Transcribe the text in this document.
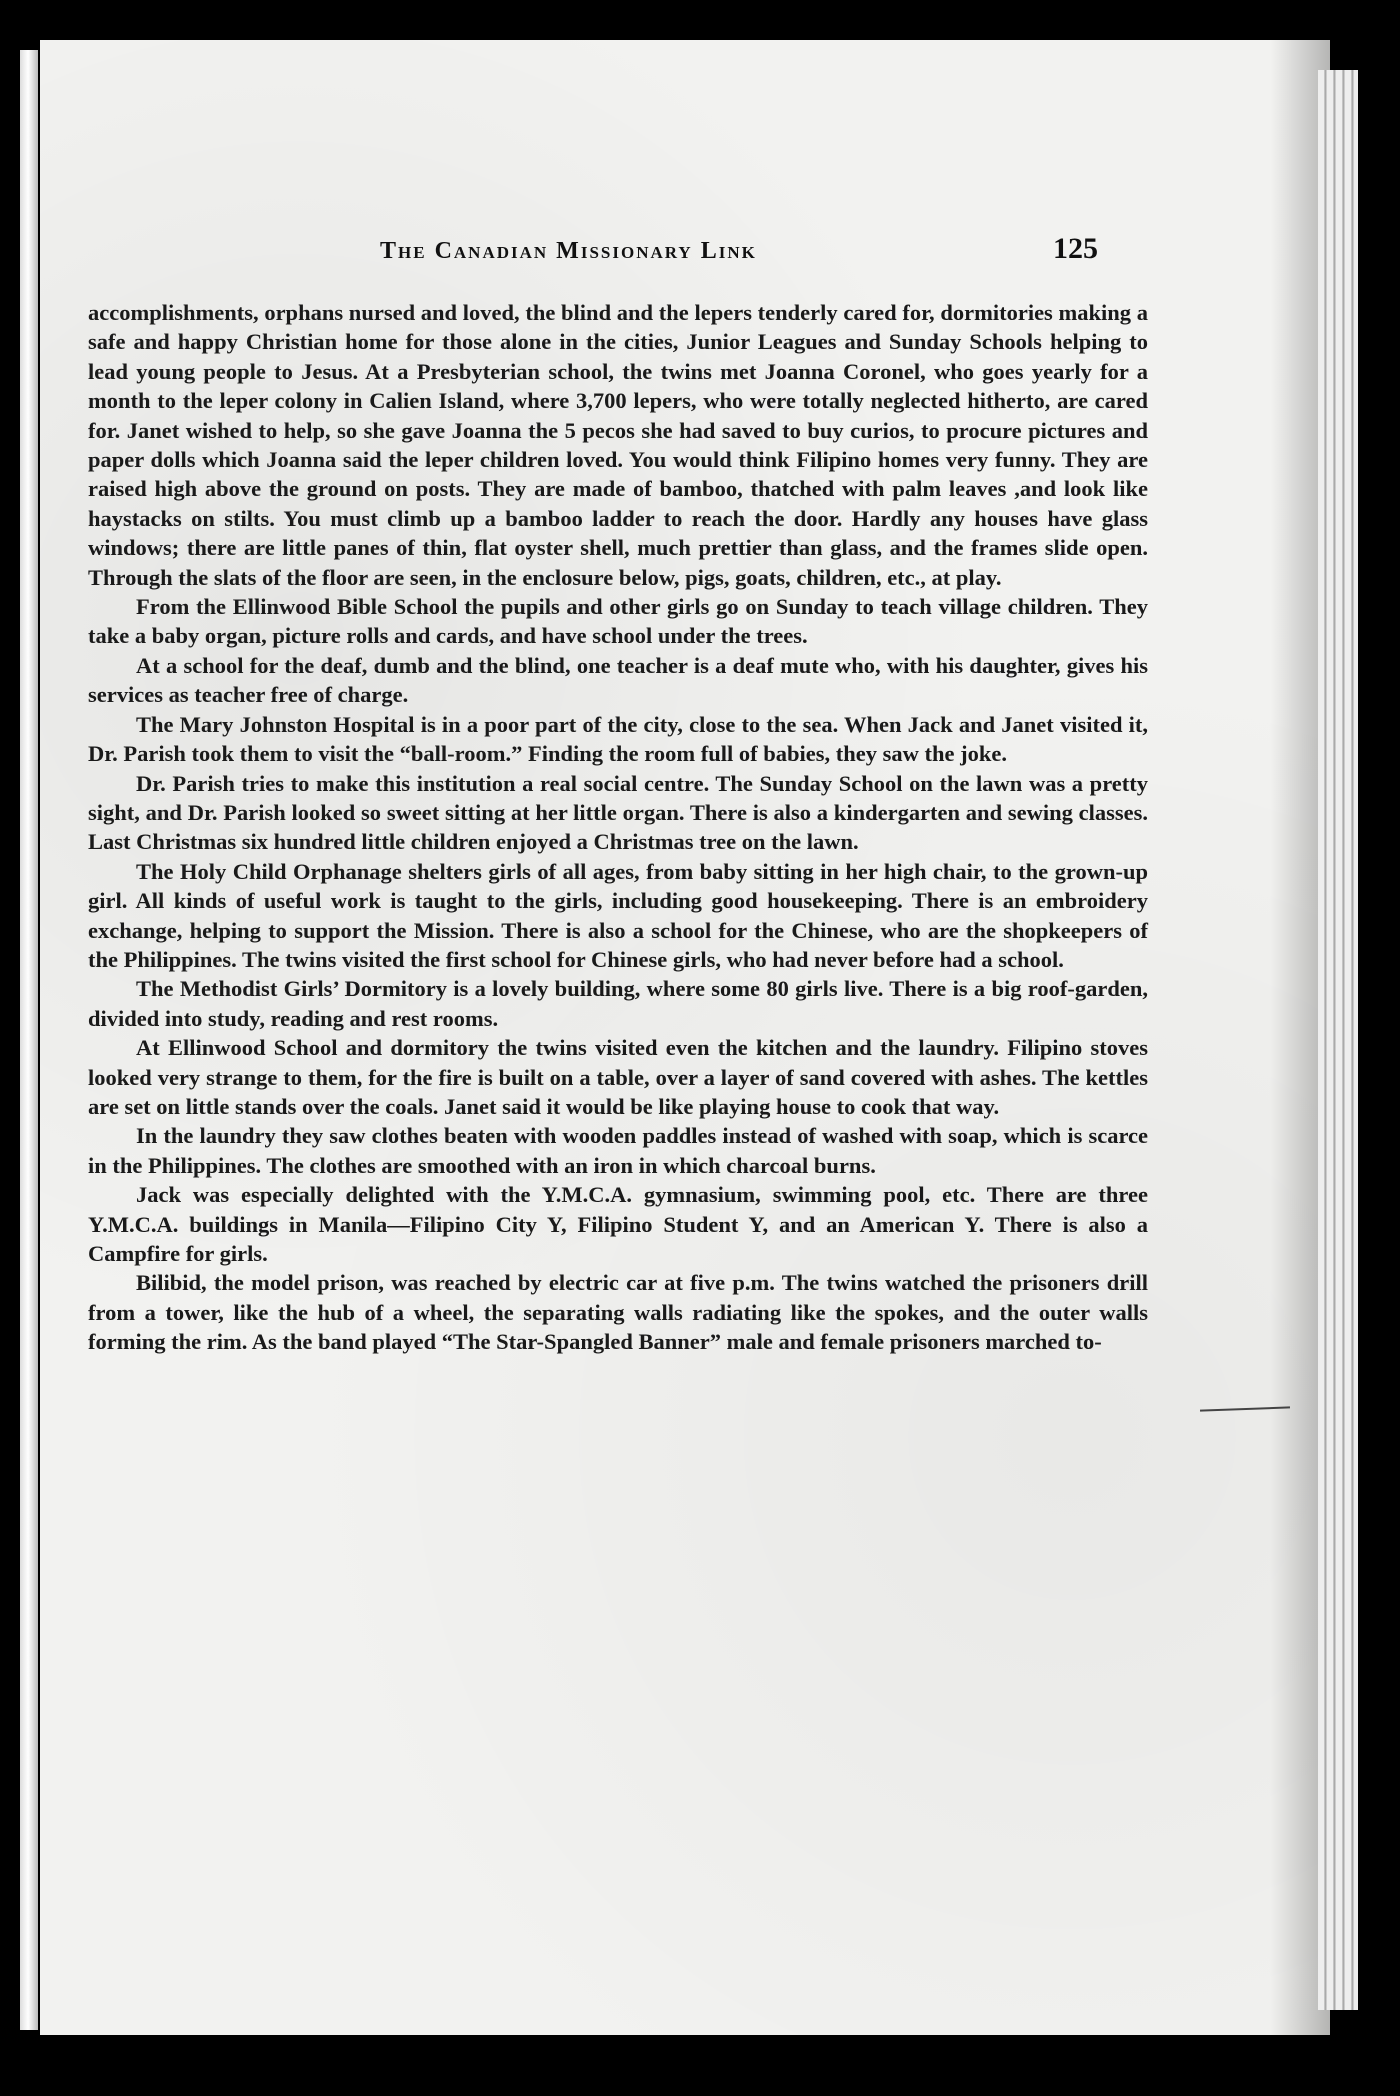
The Canadian Missionary Link	125

accomplishments, orphans nursed and loved, the blind and the lepers tenderly cared for, dormitories making a safe and happy Christian home for those alone in the cities, Junior Leagues and Sunday Schools helping to lead young people to Jesus. At a Presbyterian school, the twins met Joanna Coronel, who goes yearly for a month to the leper colony in Calien Island, where 3,700 lepers, who were totally neglected hitherto, are cared for. Janet wished to help, so she gave Joanna the 5 pecos she had saved to buy curios, to procure pictures and paper dolls which Joanna said the leper children loved. You would think Filipino homes very funny. They are raised high above the ground on posts. They are made of bamboo, thatched with palm leaves ,and look like haystacks on stilts. You must climb up a bamboo ladder to reach the door. Hardly any houses have glass windows; there are little panes of thin, flat oyster shell, much prettier than glass, and the frames slide open. Through the slats of the floor are seen, in the enclosure below, pigs, goats, children, etc., at play.

From the Ellinwood Bible School the pupils and other girls go on Sunday to teach village children. They take a baby organ, picture rolls and cards, and have school under the trees.

At a school for the deaf, dumb and the blind, one teacher is a deaf mute who, with his daughter, gives his services as teacher free of charge.

The Mary Johnston Hospital is in a poor part of the city, close to the sea. When Jack and Janet visited it, Dr. Parish took them to visit the “ball-room.” Finding the room full of babies, they saw the joke.

Dr. Parish tries to make this institution a real social centre. The Sunday School on the lawn was a pretty sight, and Dr. Parish looked so sweet sitting at her little organ. There is also a kindergarten and sewing classes. Last Christmas six hundred little children enjoyed a Christmas tree on the lawn.

The Holy Child Orphanage shelters girls of all ages, from baby sitting in her high chair, to the grown-up girl. All kinds of useful work is taught to the girls, including good housekeeping. There is an embroidery exchange, helping to support the Mission. There is also a school for the Chinese, who are the shopkeepers of the Philippines. The twins visited the first school for Chinese girls, who had never before had a school.

The Methodist Girls’ Dormitory is a lovely building, where some 80 girls live. There is a big roof-garden, divided into study, reading and rest rooms.

At Ellinwood School and dormitory the twins visited even the kitchen and the laundry. Filipino stoves looked very strange to them, for the fire is built on a table, over a layer of sand covered with ashes. The kettles are set on little stands over the coals. Janet said it would be like playing house to cook that way.

In the laundry they saw clothes beaten with wooden paddles instead of washed with soap, which is scarce in the Philippines. The clothes are smoothed with an iron in which charcoal burns.

Jack was especially delighted with the Y.M.C.A. gymnasium, swimming pool, etc. There are three Y.M.C.A. buildings in Manila—Filipino City Y, Filipino Student Y, and an American Y. There is also a Campfire for girls.

Bilibid, the model prison, was reached by electric car at five p.m. The twins watched the prisoners drill from a tower, like the hub of a wheel, the separating walls radiating like the spokes, and the outer walls forming the rim. As the band played “The Star-Spangled Banner” male and female prisoners marched to-
